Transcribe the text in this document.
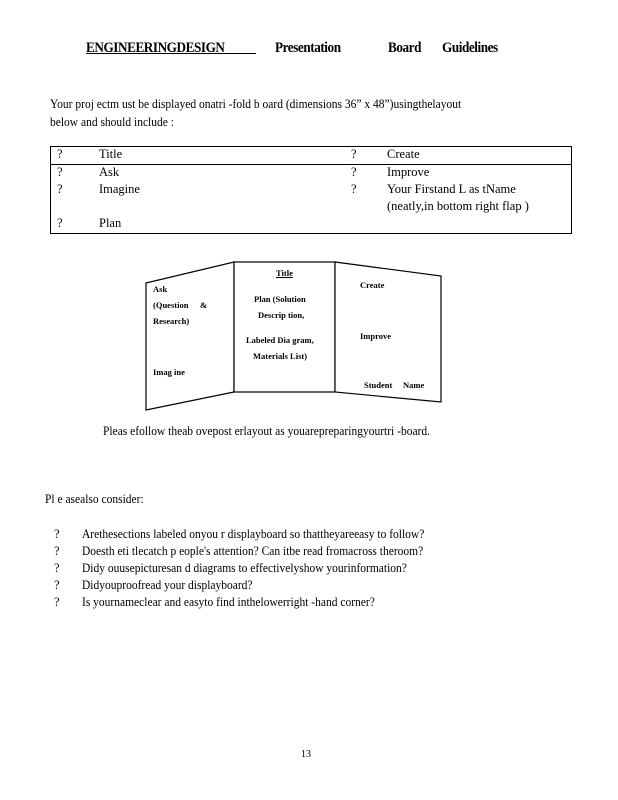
ENGINEERINGDESIGN	Presentation	Board Guidelines
Your proj ectm ust be displayed onatri -fold b oard (dimensions 36” x 48”)usingthelayout
below and should include :
?	Title		?	Create
?	Ask		?	Improve
?	Imagine		?	Your Firstand L as tName
				(neatly,in bottom right flap )
?	Plan			
Ask
(Question &
Research)
Imag ine
Title
Plan (Solution
Descrip tion,
Labeled Dia gram,
Materials List)
Create
Improve
Student Name
Pleas efollow theab ovepost erlayout as youarepreparingyourtri -board.
Pl e asealso consider:
? Arethesections labeled onyou r displayboard so thattheyareeasy to follow?
? Doesth eti tlecatch p eople's attention? Can itbe read fromacross theroom?
? Didy ouusepicturesan d diagrams to effectivelyshow yourinformation?
? Didyouproofread your displayboard?
? Is yournameclear and easyto find inthelowerright -hand corner?
13
